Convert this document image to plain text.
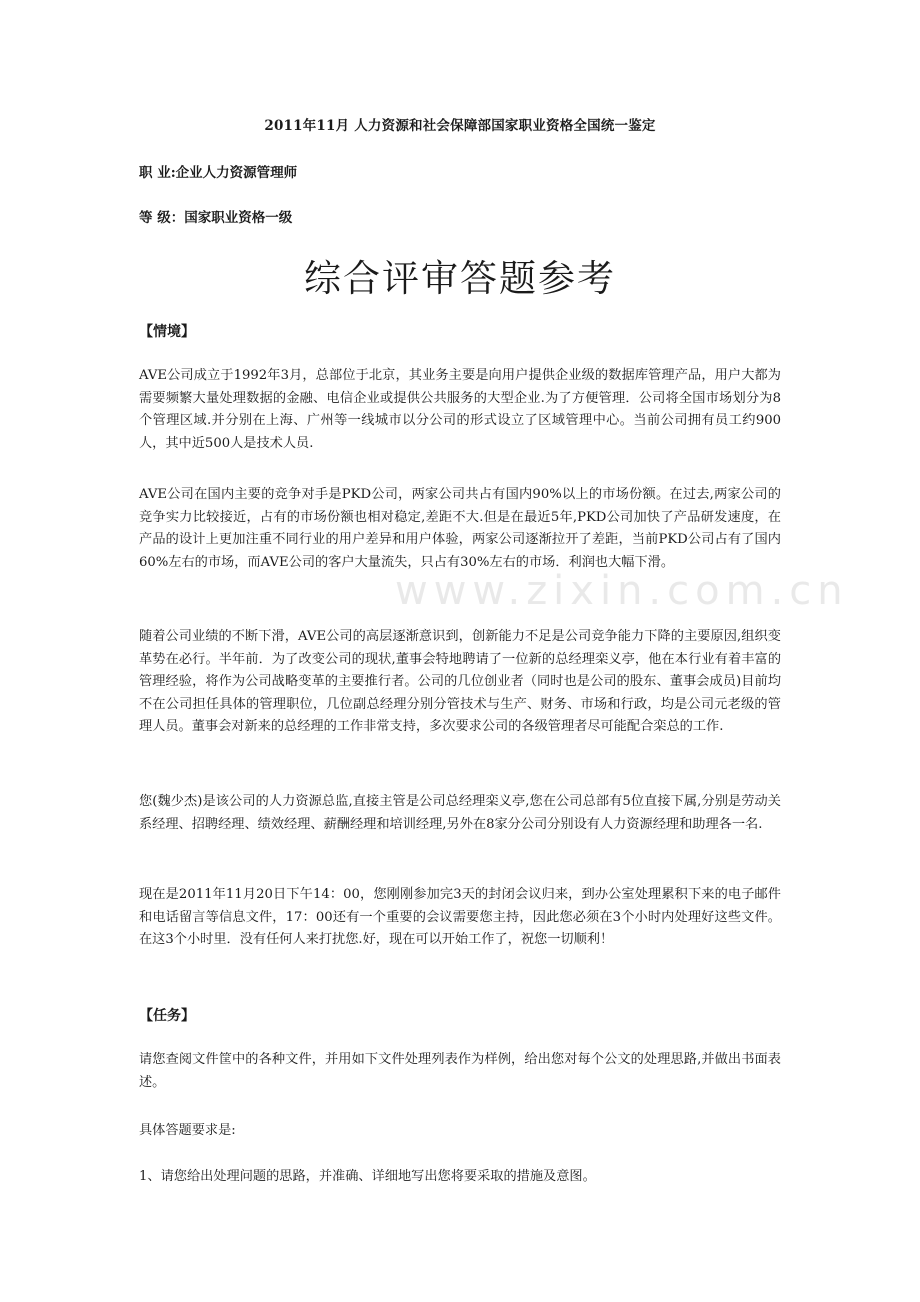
www.zixin.com.cn
2011年11月 人力资源和社会保障部国家职业资格全国统一鉴定
职 业:企业人力资源管理师
等 级：国家职业资格一级
综合评审答题参考
【情境】

AVE公司成立于1992年3月，总部位于北京，其业务主要是向用户提供企业级的数据库管理产品，用户大都为需要频繁大量处理数据的金融、电信企业或提供公共服务的大型企业.为了方便管理．公司将全国市场划分为8个管理区域.并分别在上海、广州等一线城市以分公司的形式设立了区域管理中心。当前公司拥有员工约900人，其中近500人是技术人员.

AVE公司在国内主要的竞争对手是PKD公司，两家公司共占有国内90%以上的市场份额。在过去,两家公司的竞争实力比较接近，占有的市场份额也相对稳定,差距不大.但是在最近5年,PKD公司加快了产品研发速度，在产品的设计上更加注重不同行业的用户差异和用户体验，两家公司逐渐拉开了差距，当前PKD公司占有了国内60%左右的市场，而AVE公司的客户大量流失，只占有30%左右的市场．利润也大幅下滑。

随着公司业绩的不断下滑，AVE公司的高层逐渐意识到，创新能力不足是公司竞争能力下降的主要原因,组织变革势在必行。半年前．为了改变公司的现状,董事会特地聘请了一位新的总经理栾义亭，他在本行业有着丰富的管理经验，将作为公司战略变革的主要推行者。公司的几位创业者（同时也是公司的股东、董事会成员)目前均不在公司担任具体的管理职位，几位副总经理分别分管技术与生产、财务、市场和行政，均是公司元老级的管理人员。董事会对新来的总经理的工作非常支持，多次要求公司的各级管理者尽可能配合栾总的工作.

您(魏少杰)是该公司的人力资源总监,直接主管是公司总经理栾义亭,您在公司总部有5位直接下属,分别是劳动关系经理、招聘经理、绩效经理、薪酬经理和培训经理,另外在8家分公司分别设有人力资源经理和助理各一名.

现在是2011年11月20日下午14：00，您刚刚参加完3天的封闭会议归来，到办公室处理累积下来的电子邮件和电话留言等信息文件，17：00还有一个重要的会议需要您主持，因此您必须在3个小时内处理好这些文件。在这3个小时里．没有任何人来打扰您.好，现在可以开始工作了，祝您一切顺利！

【任务】

请您查阅文件筐中的各种文件，并用如下文件处理列表作为样例，给出您对每个公文的处理思路,并做出书面表述。

具体答题要求是:

1、请您给出处理问题的思路，并准确、详细地写出您将要采取的措施及意图。
